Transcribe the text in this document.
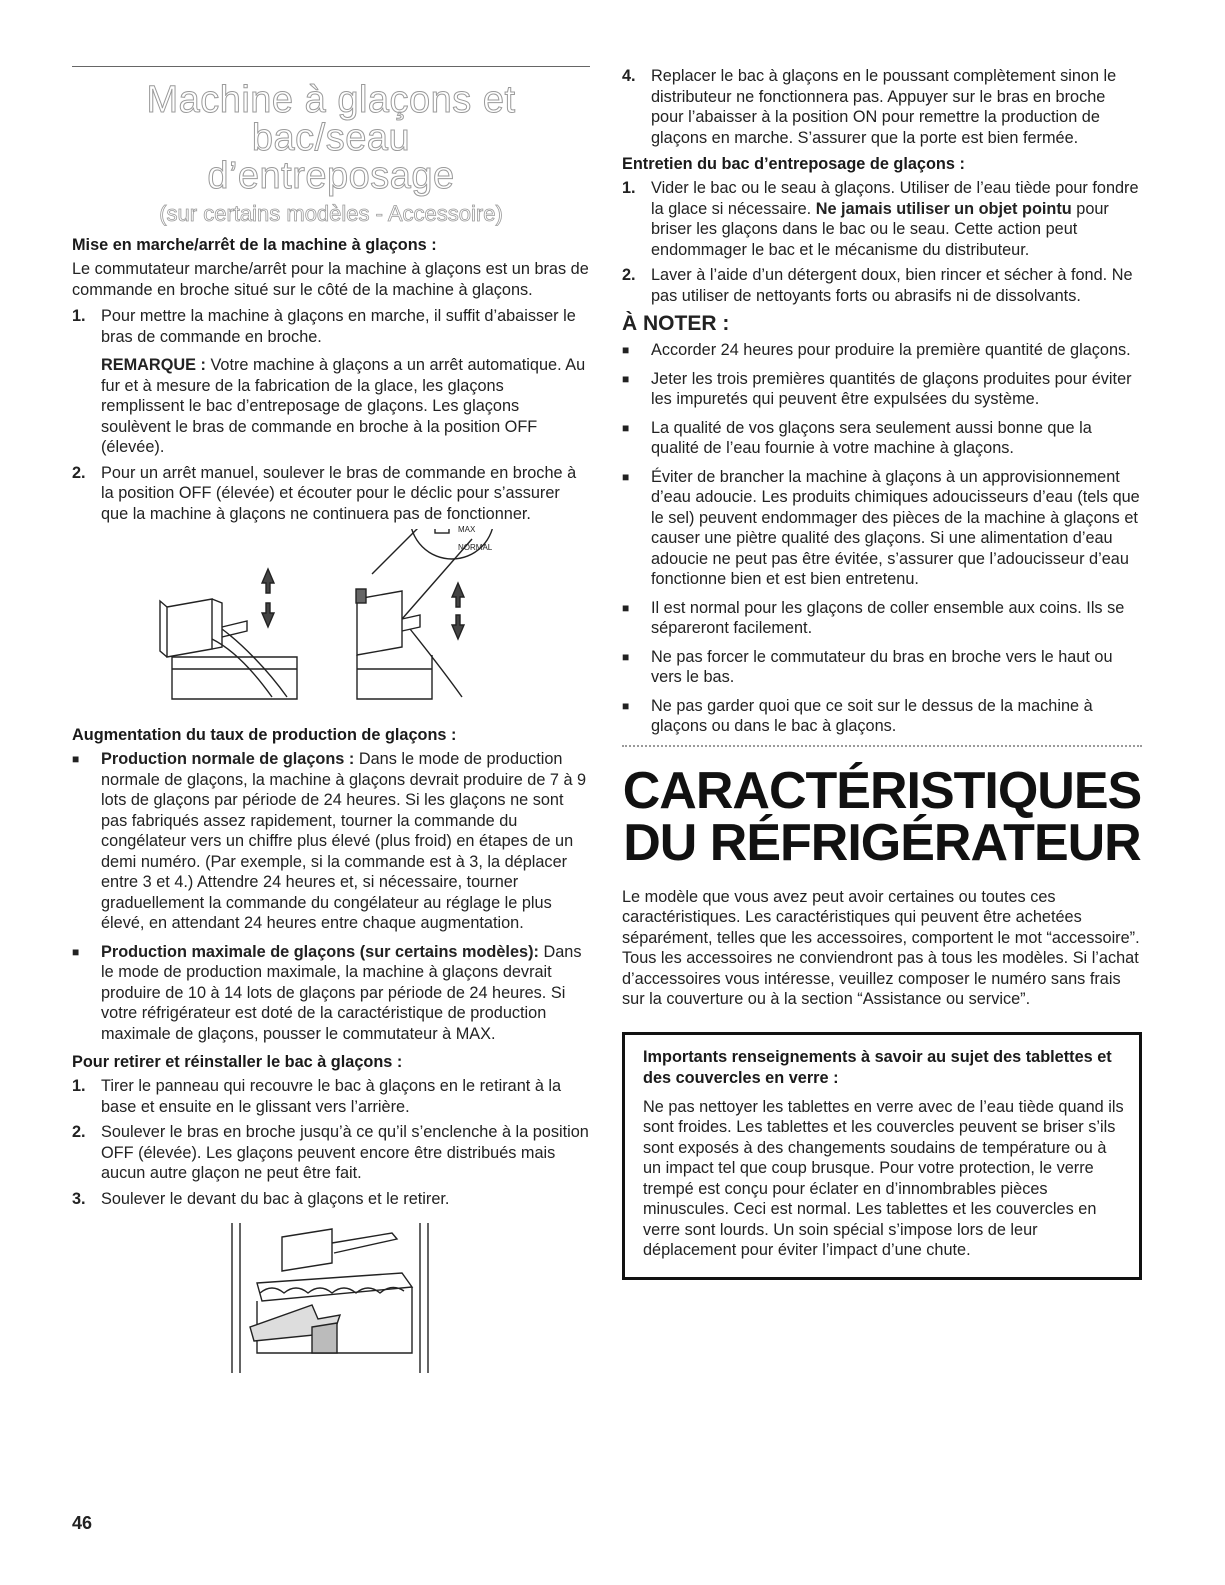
Machine à glaçons et bac/seau
d’entreposage
(sur certains modèles - Accessoire)
Mise en marche/arrêt de la machine à glaçons :

Le commutateur marche/arrêt pour la machine à glaçons est un bras de commande en broche situé sur le côté de la machine à glaçons.

1. Pour mettre la machine à glaçons en marche, il suffit d’abaisser le bras de commande en broche.

REMARQUE : Votre machine à glaçons a un arrêt automatique. Au fur et à mesure de la fabrication de la glace, les glaçons remplissent le bac d’entreposage de glaçons. Les glaçons soulèvent le bras de commande en broche à la position OFF (élevée).

2. Pour un arrêt manuel, soulever le bras de commande en broche à la position OFF (élevée) et écouter pour le déclic pour s’assurer que la machine à glaçons ne continuera pas de fonctionner.

MAX
NORMAL
Augmentation du taux de production de glaçons :
■	Production normale de glaçons : Dans le mode de production normale de glaçons, la machine à glaçons devrait produire de 7 à 9 lots de glaçons par période de 24 heures. Si les glaçons ne sont pas fabriqués assez rapidement, tourner la commande du congélateur vers un chiffre plus élevé (plus froid) en étapes de un demi numéro. (Par exemple, si la commande est à 3, la déplacer entre 3 et 4.) Attendre 24 heures et, si nécessaire, tourner graduellement la commande du congélateur au réglage le plus élevé, en attendant 24 heures entre chaque augmentation.

■	Production maximale de glaçons (sur certains modèles): Dans le mode de production maximale, la machine à glaçons devrait produire de 10 à 14 lots de glaçons par période de 24 heures. Si votre réfrigérateur est doté de la caractéristique de production maximale de glaçons, pousser le commutateur à MAX.

Pour retirer et réinstaller le bac à glaçons :
1. Tirer le panneau qui recouvre le bac à glaçons en le retirant à la base et ensuite en le glissant vers l’arrière.

2. Soulever le bras en broche jusqu’à ce qu’il s’enclenche à la position OFF (élevée). Les glaçons peuvent encore être distribués mais aucun autre glaçon ne peut être fait.

3. Soulever le devant du bac à glaçons et le retirer.

4. Replacer le bac à glaçons en le poussant complètement sinon le distributeur ne fonctionnera pas. Appuyer sur le bras en broche pour l’abaisser à la position ON pour remettre la production de glaçons en marche. S’assurer que la porte est bien fermée.

Entretien du bac d’entreposage de glaçons :
1. Vider le bac ou le seau à glaçons. Utiliser de l’eau tiède pour fondre la glace si nécessaire. Ne jamais utiliser un objet pointu pour briser les glaçons dans le bac ou le seau. Cette action peut endommager le bac et le mécanisme du distributeur.

2. Laver à l’aide d’un détergent doux, bien rincer et sécher à fond. Ne pas utiliser de nettoyants forts ou abrasifs ni de dissolvants.

À NOTER :
■	Accorder 24 heures pour produire la première quantité de glaçons.

■	Jeter les trois premières quantités de glaçons produites pour éviter les impuretés qui peuvent être expulsées du système.

■	La qualité de vos glaçons sera seulement aussi bonne que la qualité de l’eau fournie à votre machine à glaçons.

■	Éviter de brancher la machine à glaçons à un approvisionnement d’eau adoucie. Les produits chimiques adoucisseurs d’eau (tels que le sel) peuvent endommager des pièces de la machine à glaçons et causer une piètre qualité des glaçons. Si une alimentation d’eau adoucie ne peut pas être évitée, s’assurer que l’adoucisseur d’eau fonctionne bien et est bien entretenu.

■	Il est normal pour les glaçons de coller ensemble aux coins. Ils se sépareront facilement.

■	Ne pas forcer le commutateur du bras en broche vers le haut ou vers le bas.

■	Ne pas garder quoi que ce soit sur le dessus de la machine à glaçons ou dans le bac à glaçons.

CARACTÉRISTIQUES
DU RÉFRIGÉRATEUR

Le modèle que vous avez peut avoir certaines ou toutes ces caractéristiques. Les caractéristiques qui peuvent être achetées séparément, telles que les accessoires, comportent le mot “accessoire”. Tous les accessoires ne conviendront pas à tous les modèles. Si l’achat d’accessoires vous intéresse, veuillez composer le numéro sans frais sur la couverture ou à la section “Assistance ou service”.

Importants renseignements à savoir au sujet des tablettes et des couvercles en verre :

Ne pas nettoyer les tablettes en verre avec de l’eau tiède quand ils sont froides. Les tablettes et les couvercles peuvent se briser s’ils sont exposés à des changements soudains de température ou à un impact tel que coup brusque. Pour votre protection, le verre trempé est conçu pour éclater en d’innombrables pièces minuscules. Ceci est normal. Les tablettes et les couvercles en verre sont lourds. Un soin spécial s’impose lors de leur déplacement pour éviter l’impact d’une chute.

46
